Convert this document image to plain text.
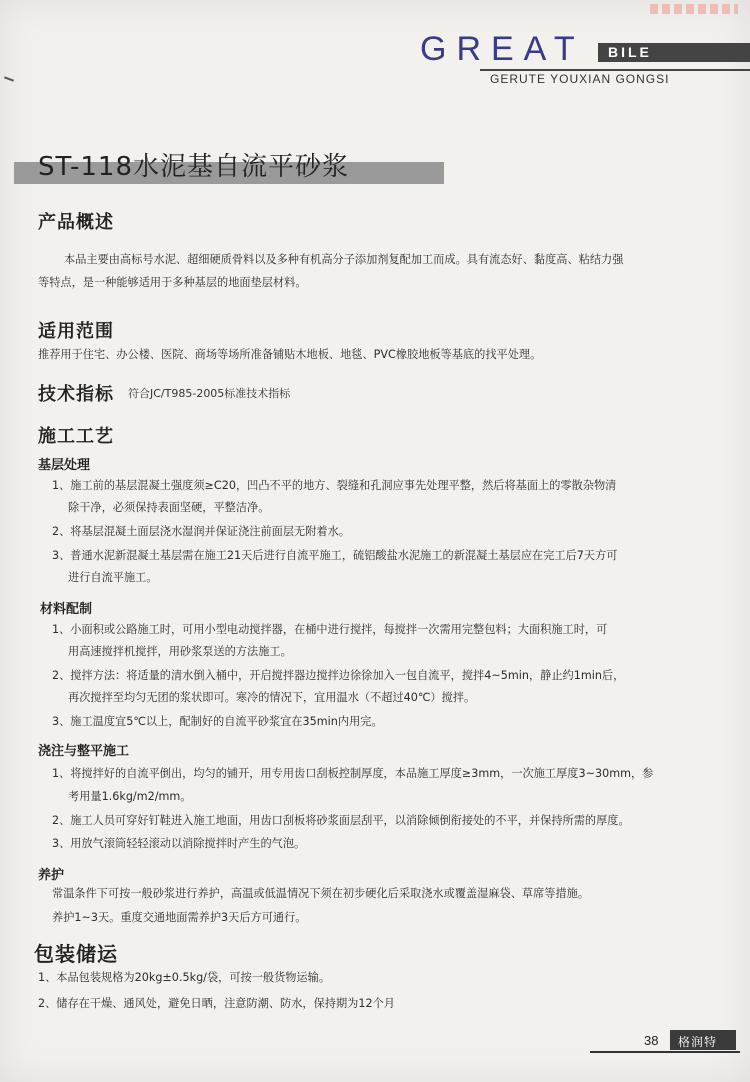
GREAT BILE
GERUTE YOUXIAN GONGSI
ST-118水泥基自流平砂浆
产品概述
本品主要由高标号水泥、超细硬质骨料以及多种有机高分子添加剂复配加工而成。具有流态好、黏度高、粘结力强
等特点，是一种能够适用于多种基层的地面垫层材料。
适用范围
推荐用于住宅、办公楼、医院、商场等场所准备铺贴木地板、地毯、PVC橡胶地板等基底的找平处理。
技术指标 符合JC/T985-2005标准技术指标
施工工艺
基层处理
1、施工前的基层混凝土强度须≥C20，凹凸不平的地方、裂缝和孔洞应事先处理平整，然后将基面上的零散杂物清
除干净，必须保持表面坚硬，平整洁净。
2、将基层混凝土面层浇水湿润并保证浇注前面层无附着水。
3、普通水泥新混凝土基层需在施工21天后进行自流平施工，硫铝酸盐水泥施工的新混凝土基层应在完工后7天方可
进行自流平施工。
材料配制
1、小面积或公路施工时，可用小型电动搅拌器，在桶中进行搅拌，每搅拌一次需用完整包料；大面积施工时，可
用高速搅拌机搅拌，用砂浆泵送的方法施工。
2、搅拌方法：将适量的清水倒入桶中，开启搅拌器边搅拌边徐徐加入一包自流平，搅拌4~5min，静止约1min后，
再次搅拌至均匀无团的浆状即可。寒冷的情况下，宜用温水（不超过40℃）搅拌。
3、施工温度宜5℃以上，配制好的自流平砂浆宜在35min内用完。
浇注与整平施工
1、将搅拌好的自流平倒出，均匀的铺开，用专用齿口刮板控制厚度，本品施工厚度≥3mm，一次施工厚度3~30mm，参
考用量1.6kg/m2/mm。
2、施工人员可穿好钉鞋进入施工地面，用齿口刮板将砂浆面层刮平，以消除倾倒衔接处的不平，并保持所需的厚度。
3、用放气滚筒轻轻滚动以消除搅拌时产生的气泡。
养护
常温条件下可按一般砂浆进行养护，高温或低温情况下须在初步硬化后采取浇水或覆盖湿麻袋、草席等措施。
养护1~3天。重度交通地面需养护3天后方可通行。
包装储运
1、本品包装规格为20kg±0.5kg/袋，可按一般货物运输。
2、储存在干燥、通风处，避免日晒，注意防潮、防水，保持期为12个月
38 格润特
